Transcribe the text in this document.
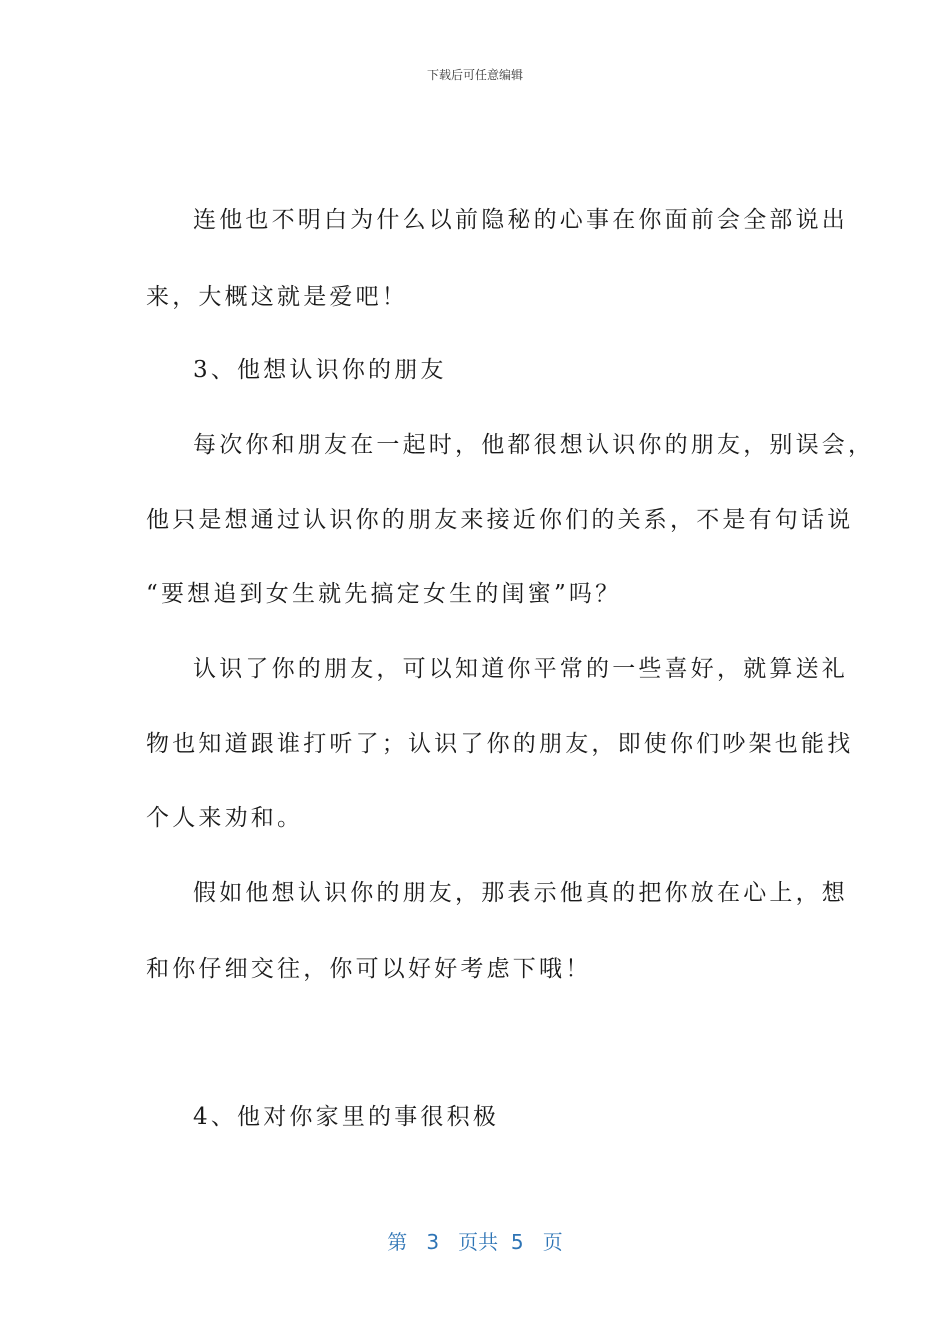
下载后可任意编辑
连他也不明白为什么以前隐秘的心事在你面前会全部说出
来，大概这就是爱吧！
3、他想认识你的朋友
每次你和朋友在一起时，他都很想认识你的朋友，别误会，
他只是想通过认识你的朋友来接近你们的关系，不是有句话说
“要想追到女生就先搞定女生的闺蜜”吗？
认识了你的朋友，可以知道你平常的一些喜好，就算送礼
物也知道跟谁打听了；认识了你的朋友，即使你们吵架也能找
个人来劝和。
假如他想认识你的朋友，那表示他真的把你放在心上，想
和你仔细交往，你可以好好考虑下哦！
4、他对你家里的事很积极
第 3 页共 5 页
